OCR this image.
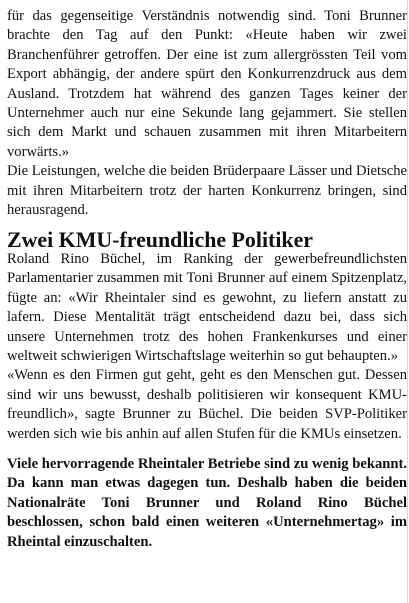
für das gegenseitige Verständnis notwendig sind. Toni Brunner brachte den Tag auf den Punkt: «Heute haben wir zwei Branchenführer getroffen. Der eine ist zum allergrössten Teil vom Export abhängig, der andere spürt den Konkurrenzdruck aus dem Ausland. Trotzdem hat während des ganzen Tages keiner der Unternehmer auch nur eine Sekunde lang gejammert. Sie stellen sich dem Markt und schauen zusammen mit ihren Mitarbeitern vorwärts.»

Die Leistungen, welche die beiden Brüderpaare Lässer und Dietsche mit ihren Mitarbeitern trotz der harten Konkurrenz bringen, sind herausragend.

Zwei KMU-freundliche Politiker

Roland Rino Büchel, im Ranking der gewerbefreundlichsten Parlamentarier zusammen mit Toni Brunner auf einem Spitzenplatz, fügte an: «Wir Rheintaler sind es gewohnt, zu liefern anstatt zu lafern. Diese Mentalität trägt entscheidend dazu bei, dass sich unsere Unternehmen trotz des hohen Frankenkurses und einer weltweit schwierigen Wirtschaftslage weiterhin so gut behaupten.»

«Wenn es den Firmen gut geht, geht es den Menschen gut. Dessen sind wir uns bewusst, deshalb politisieren wir konsequent KMU-freundlich», sagte Brunner zu Büchel. Die beiden SVP-Politiker werden sich wie bis anhin auf allen Stufen für die KMUs einsetzen.

Viele hervorragende Rheintaler Betriebe sind zu wenig bekannt. Da kann man etwas dagegen tun. Deshalb haben die beiden Nationalräte Toni Brunner und Roland Rino Büchel beschlossen, schon bald einen weiteren «Unternehmertag» im Rheintal einzuschalten.
